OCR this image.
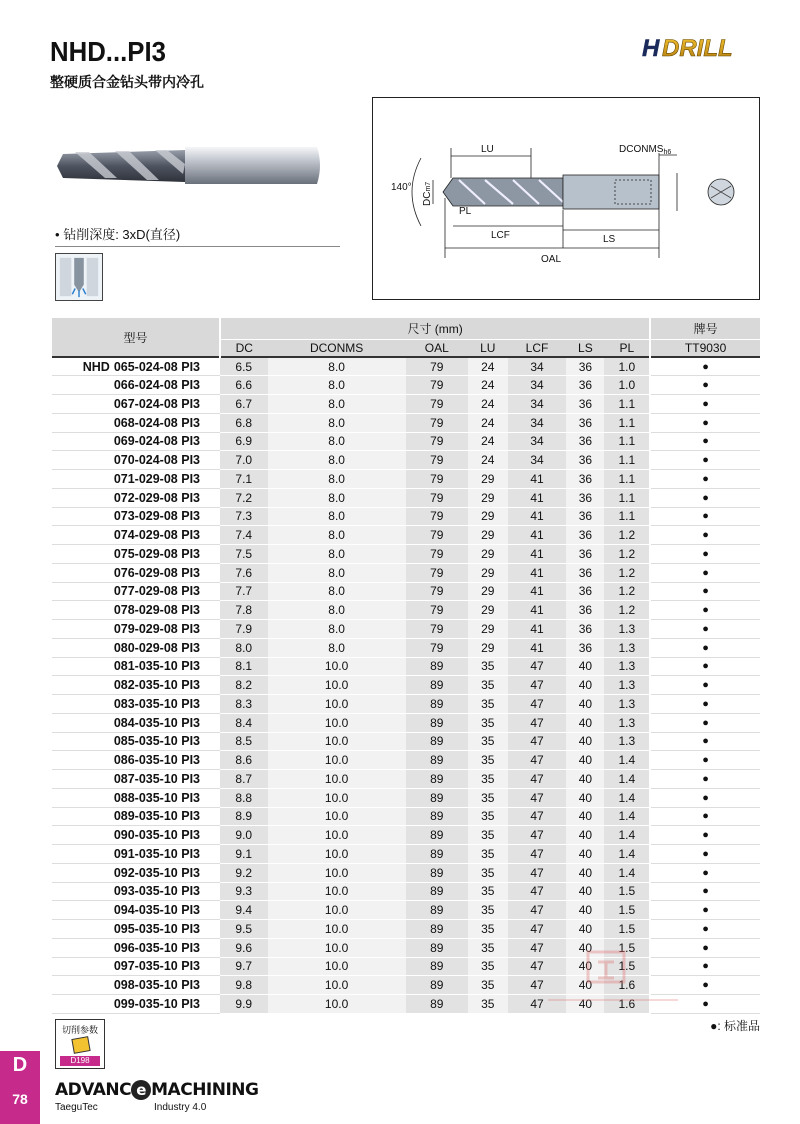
NHD...PI3
整硬质合金钻头带内冷孔
H DRILL
• 钻削深度: 3xD(直径)
LU	$DCONMS_{h6}$
140°
DCm7
PL
LCF	LS
OAL
型号	尺寸 (mm)							牌号
	DC	DCONMS	OAL	LU	LCF	LS	PL	TT9030
NHD 065-024-08 PI3	6.5	8.0	79	24	34	36	1.0	●
066-024-08 PI3	6.6	8.0	79	24	34	36	1.0	●
067-024-08 PI3	6.7	8.0	79	24	34	36	1.1	●
068-024-08 PI3	6.8	8.0	79	24	34	36	1.1	●
069-024-08 PI3	6.9	8.0	79	24	34	36	1.1	●
070-024-08 PI3	7.0	8.0	79	24	34	36	1.1	●
071-029-08 PI3	7.1	8.0	79	29	41	36	1.1	●
072-029-08 PI3	7.2	8.0	79	29	41	36	1.1	●
073-029-08 PI3	7.3	8.0	79	29	41	36	1.1	●
074-029-08 PI3	7.4	8.0	79	29	41	36	1.2	●
075-029-08 PI3	7.5	8.0	79	29	41	36	1.2	●
076-029-08 PI3	7.6	8.0	79	29	41	36	1.2	●
077-029-08 PI3	7.7	8.0	79	29	41	36	1.2	●
078-029-08 PI3	7.8	8.0	79	29	41	36	1.2	●
079-029-08 PI3	7.9	8.0	79	29	41	36	1.3	●
080-029-08 PI3	8.0	8.0	79	29	41	36	1.3	●
081-035-10 PI3	8.1	10.0	89	35	47	40	1.3	●
082-035-10 PI3	8.2	10.0	89	35	47	40	1.3	●
083-035-10 PI3	8.3	10.0	89	35	47	40	1.3	●
084-035-10 PI3	8.4	10.0	89	35	47	40	1.3	●
085-035-10 PI3	8.5	10.0	89	35	47	40	1.3	●
086-035-10 PI3	8.6	10.0	89	35	47	40	1.4	●
087-035-10 PI3	8.7	10.0	89	35	47	40	1.4	●
088-035-10 PI3	8.8	10.0	89	35	47	40	1.4	●
089-035-10 PI3	8.9	10.0	89	35	47	40	1.4	●
090-035-10 PI3	9.0	10.0	89	35	47	40	1.4	●
091-035-10 PI3	9.1	10.0	89	35	47	40	1.4	●
092-035-10 PI3	9.2	10.0	89	35	47	40	1.4	●
093-035-10 PI3	9.3	10.0	89	35	47	40	1.5	●
094-035-10 PI3	9.4	10.0	89	35	47	40	1.5	●
095-035-10 PI3	9.5	10.0	89	35	47	40	1.5	●
096-035-10 PI3	9.6	10.0	89	35	47	40	1.5	●
097-035-10 PI3	9.7	10.0	89	35	47	40	1.5	●
098-035-10 PI3	9.8	10.0	89	35	47	40	1.6	●
099-035-10 PI3	9.9	10.0	89	35	47	40	1.6	●
●: 标准品
切削参数
D198
D
78	ADVANC e MACHINING
TaeguTec	Industry 4.0
